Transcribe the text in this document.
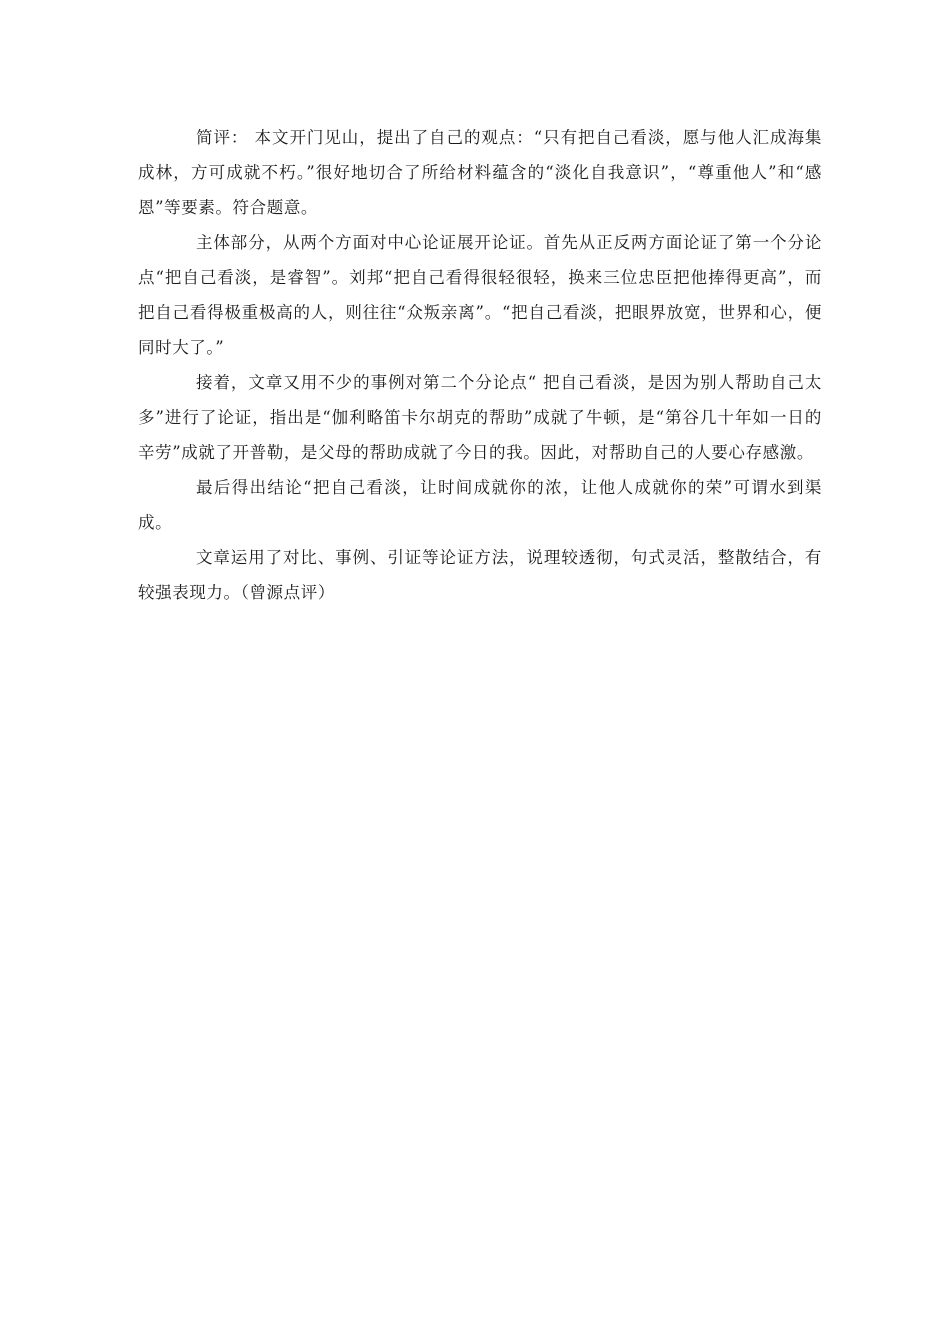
简评： 本文开门见山，提出了自己的观点：“只有把自己看淡，愿与他人汇成海集成林，方可成就不朽。”很好地切合了所给材料蕴含的“淡化自我意识”，“尊重他人”和“感恩”等要素。符合题意。

主体部分，从两个方面对中心论证展开论证。首先从正反两方面论证了第一个分论点“把自己看淡，是睿智”。刘邦“把自己看得很轻很轻，换来三位忠臣把他捧得更高”，而把自己看得极重极高的人，则往往“众叛亲离”。“把自己看淡，把眼界放宽，世界和心，便同时大了。”

接着，文章又用不少的事例对第二个分论点“ 把自己看淡，是因为别人帮助自己太多”进行了论证，指出是“伽利略笛卡尔胡克的帮助”成就了牛顿，是“第谷几十年如一日的辛劳”成就了开普勒，是父母的帮助成就了今日的我。因此，对帮助自己的人要心存感激。

最后得出结论“把自己看淡，让时间成就你的浓，让他人成就你的荣”可谓水到渠成。

文章运用了对比、事例、引证等论证方法，说理较透彻，句式灵活，整散结合，有较强表现力。（曾源点评）
